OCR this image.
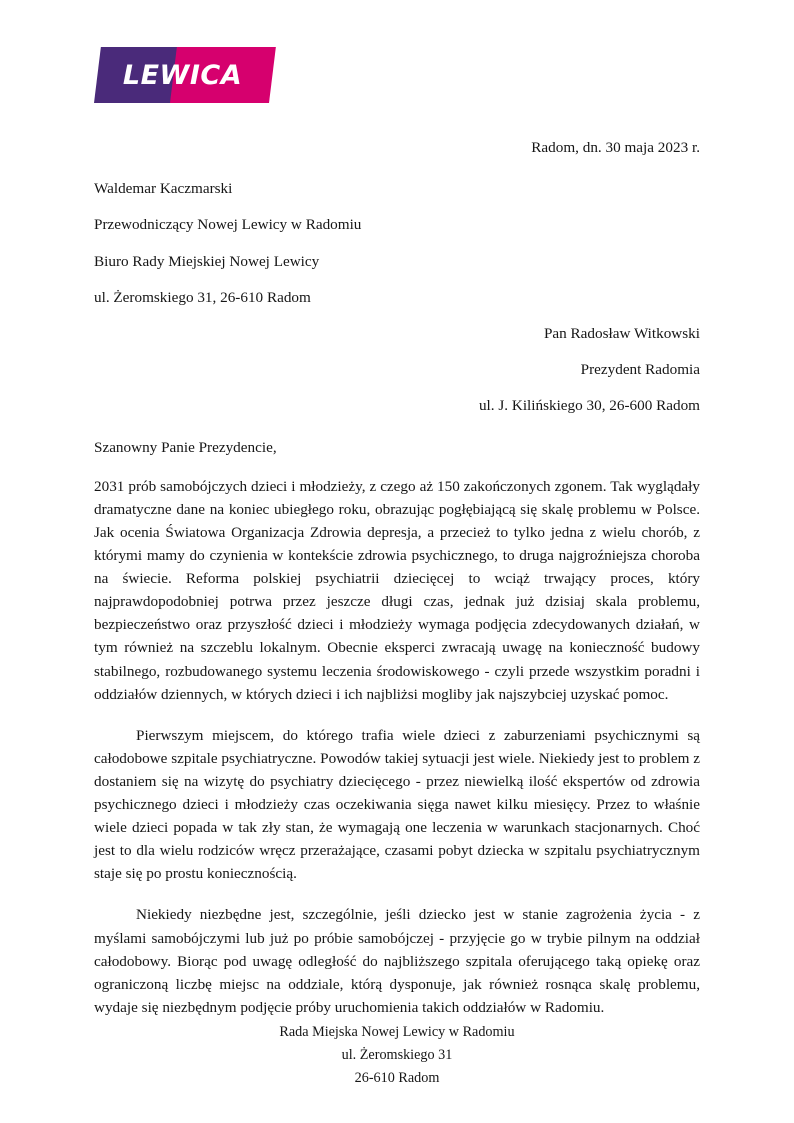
LEWICA
Radom, dn. 30 maja 2023 r.

Waldemar Kaczmarski

Przewodniczący Nowej Lewicy w Radomiu

Biuro Rady Miejskiej Nowej Lewicy

ul. Żeromskiego 31, 26-610 Radom

Pan Radosław Witkowski

Prezydent Radomia

ul. J. Kilińskiego 30, 26-600 Radom

Szanowny Panie Prezydencie,

2031 prób samobójczych dzieci i młodzieży, z czego aż 150 zakończonych zgonem. Tak wyglądały dramatyczne dane na koniec ubiegłego roku, obrazując pogłębiającą się skalę problemu w Polsce. Jak ocenia Światowa Organizacja Zdrowia depresja, a przecież to tylko jedna z wielu chorób, z którymi mamy do czynienia w kontekście zdrowia psychicznego, to druga najgroźniejsza choroba na świecie. Reforma polskiej psychiatrii dziecięcej to wciąż trwający proces, który najprawdopodobniej potrwa przez jeszcze długi czas, jednak już dzisiaj skala problemu, bezpieczeństwo oraz przyszłość dzieci i młodzieży wymaga podjęcia zdecydowanych działań, w tym również na szczeblu lokalnym. Obecnie eksperci zwracają uwagę na konieczność budowy stabilnego, rozbudowanego systemu leczenia środowiskowego - czyli przede wszystkim poradni i oddziałów dziennych, w których dzieci i ich najbliżsi mogliby jak najszybciej uzyskać pomoc.

Pierwszym miejscem, do którego trafia wiele dzieci z zaburzeniami psychicznymi są całodobowe szpitale psychiatryczne. Powodów takiej sytuacji jest wiele. Niekiedy jest to problem z dostaniem się na wizytę do psychiatry dziecięcego - przez niewielką ilość ekspertów od zdrowia psychicznego dzieci i młodzieży czas oczekiwania sięga nawet kilku miesięcy. Przez to właśnie wiele dzieci popada w tak zły stan, że wymagają one leczenia w warunkach stacjonarnych. Choć jest to dla wielu rodziców wręcz przerażające, czasami pobyt dziecka w szpitalu psychiatrycznym staje się po prostu koniecznością.

Niekiedy niezbędne jest, szczególnie, jeśli dziecko jest w stanie zagrożenia życia - z myślami samobójczymi lub już po próbie samobójczej - przyjęcie go w trybie pilnym na oddział całodobowy. Biorąc pod uwagę odległość do najbliższego szpitala oferującego taką opiekę oraz ograniczoną liczbę miejsc na oddziale, którą dysponuje, jak również rosnąca skalę problemu, wydaje się niezbędnym podjęcie próby uruchomienia takich oddziałów w Radomiu.

Rada Miejska Nowej Lewicy w Radomiu
ul. Żeromskiego 31
26-610 Radom
